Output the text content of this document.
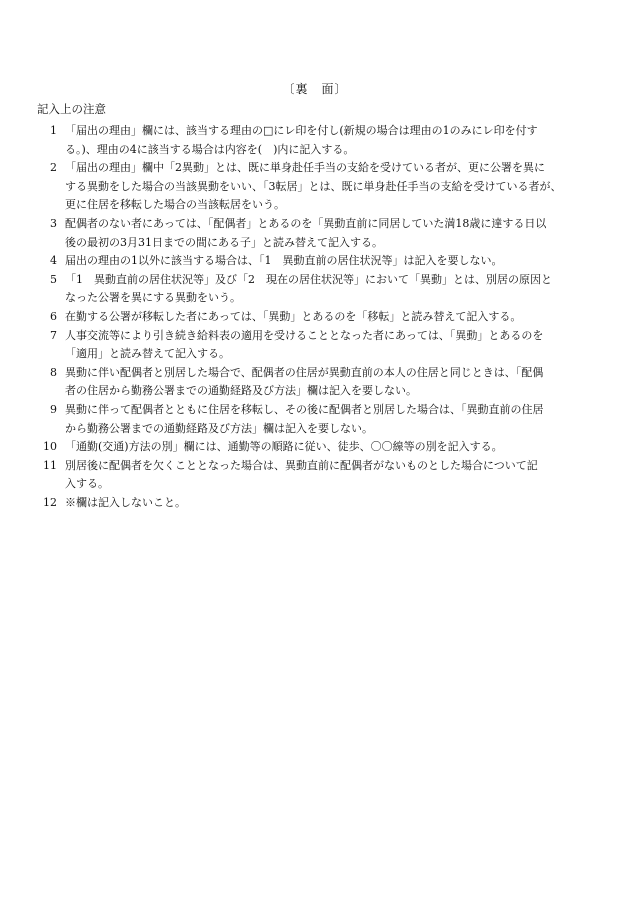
〔裏　面〕
記入上の注意
1 「届出の理由」欄には、該当する理由の□にレ印を付し(新規の場合は理由の1のみにレ印を付す
る。)、理由の4に該当する場合は内容を(　)内に記入する。
2 「届出の理由」欄中「2異動」とは、既に単身赴任手当の支給を受けている者が、更に公署を異に
する異動をした場合の当該異動をいい、「3転居」とは、既に単身赴任手当の支給を受けている者が、
更に住居を移転した場合の当該転居をいう。
3 配偶者のない者にあっては、「配偶者」とあるのを「異動直前に同居していた満18歳に達する日以
後の最初の3月31日までの間にある子」と読み替えて記入する。
4 届出の理由の1以外に該当する場合は、「1　異動直前の居住状況等」は記入を要しない。
5 「1　異動直前の居住状況等」及び「2　現在の居住状況等」において「異動」とは、別居の原因と
なった公署を異にする異動をいう。
6 在勤する公署が移転した者にあっては、「異動」とあるのを「移転」と読み替えて記入する。
7 人事交流等により引き続き給料表の適用を受けることとなった者にあっては、「異動」とあるのを
「適用」と読み替えて記入する。
8 異動に伴い配偶者と別居した場合で、配偶者の住居が異動直前の本人の住居と同じときは、「配偶
者の住居から勤務公署までの通勤経路及び方法」欄は記入を要しない。
9 異動に伴って配偶者とともに住居を移転し、その後に配偶者と別居した場合は、「異動直前の住居
から勤務公署までの通勤経路及び方法」欄は記入を要しない。
10 「通勤(交通)方法の別」欄には、通勤等の順路に従い、徒歩、〇〇線等の別を記入する。
11 別居後に配偶者を欠くこととなった場合は、異動直前に配偶者がないものとした場合について記
入する。
12 ※欄は記入しないこと。
